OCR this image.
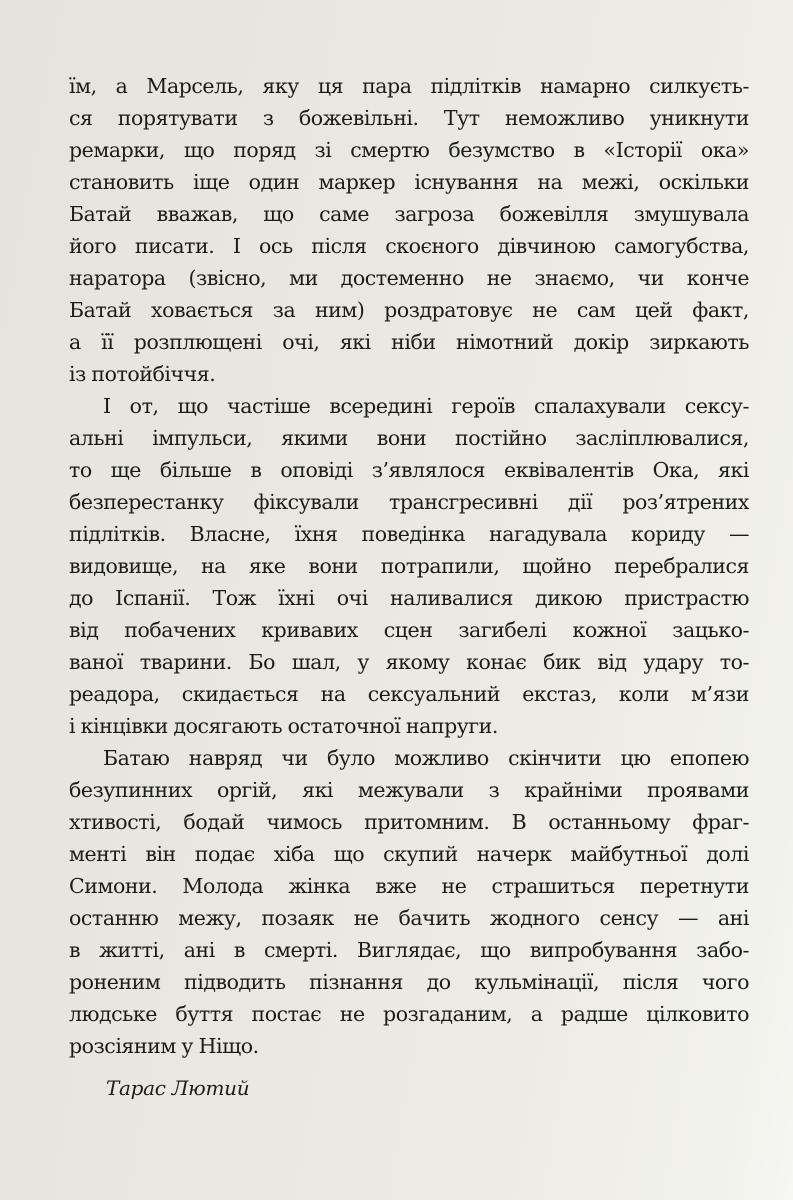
їм, а Марсель, яку ця пара підлітків намарно силкуєть-
ся порятувати з божевільні. Тут неможливо уникнути
ремарки, що поряд зі смертю безумство в «Історії ока»
становить іще один маркер існування на межі, оскільки
Батай вважав, що саме загроза божевілля змушувала
його писати. І ось після скоєного дівчиною самогубства,
наратора (звісно, ми достеменно не знаємо, чи конче
Батай ховається за ним) роздратовує не сам цей факт,
а її розплющені очі, які ніби німотний докір зиркають
із потойбіччя.
І от, що частіше всередині героїв спалахували сексу-
альні імпульси, якими вони постійно засліплювалися,
то ще більше в оповіді з’являлося еквівалентів Ока, які
безперестанку фіксували трансгресивні дії роз’ятрених
підлітків. Власне, їхня поведінка нагадувала кориду —
видовище, на яке вони потрапили, щойно перебралися
до Іспанії. Тож їхні очі наливалися дикою пристрастю
від побачених кривавих сцен загибелі кожної зацько-
ваної тварини. Бо шал, у якому конає бик від удару то-
реадора, скидається на сексуальний екстаз, коли м’язи
і кінцівки досягають остаточної напруги.
Батаю навряд чи було можливо скінчити цю епопею
безупинних оргій, які межували з крайніми проявами
хтивості, бодай чимось притомним. В останньому фраг-
менті він подає хіба що скупий начерк майбутньої долі
Симони. Молода жінка вже не страшиться перетнути
останню межу, позаяк не бачить жодного сенсу — ані
в житті, ані в смерті. Виглядає, що випробування забо-
роненим підводить пізнання до кульмінації, після чого
людське буття постає не розгаданим, а радше цілковито
розсіяним у Ніщо.
Тарас Лютий
